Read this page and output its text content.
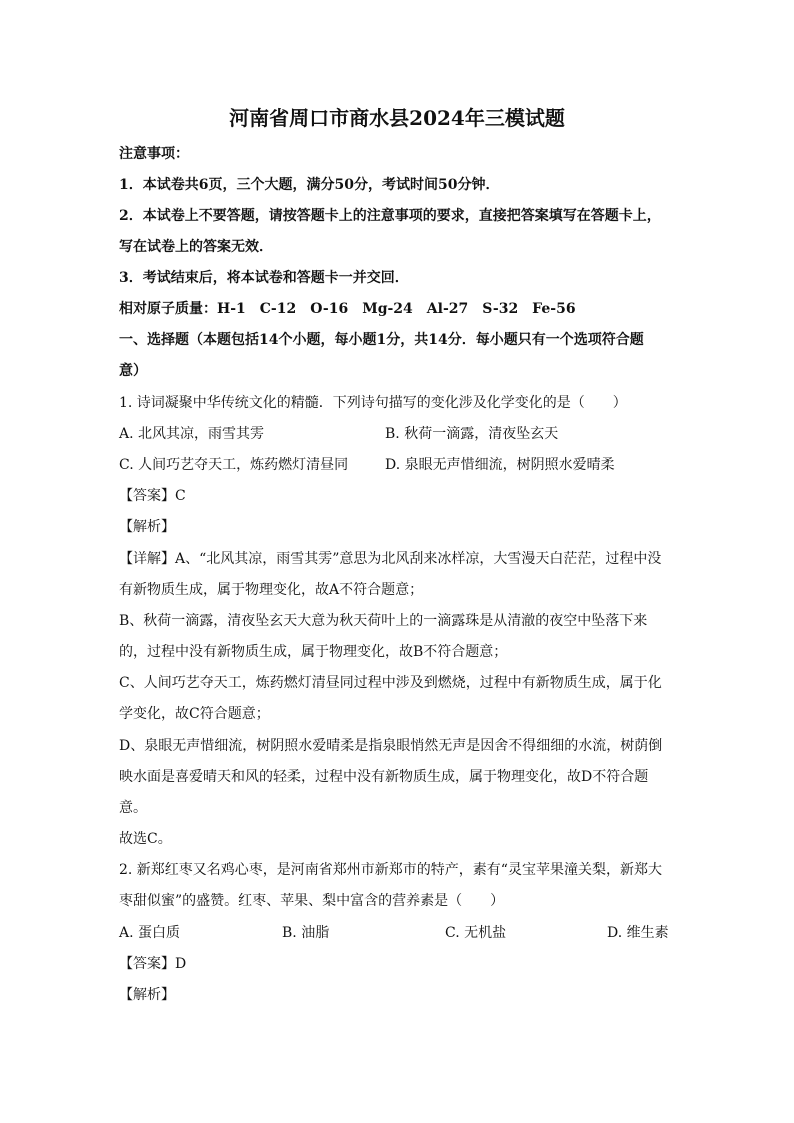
河南省周口市商水县2024年三模试题
注意事项：
1．本试卷共6页，三个大题，满分50分，考试时间50分钟．
2．本试卷上不要答题，请按答题卡上的注意事项的要求，直接把答案填写在答题卡上，
写在试卷上的答案无效．
3．考试结束后，将本试卷和答题卡一并交回．
相对原子质量：H-1　C-12　O-16　Mg-24　Al-27　S-32　Fe-56
一、选择题（本题包括14个小题，每小题1分，共14分．每小题只有一个选项符合题
意）
1. 诗词凝聚中华传统文化的精髓．下列诗句描写的变化涉及化学变化的是（　　）
A. 北风其凉，雨雪其雱	B. 秋荷一滴露，清夜坠玄天
C. 人间巧艺夺天工，炼药燃灯清昼同	D. 泉眼无声惜细流，树阴照水爱晴柔
【答案】C
【解析】
【详解】A、“北风其凉，雨雪其雱”意思为北风刮来冰样凉，大雪漫天白茫茫，过程中没
有新物质生成，属于物理变化，故A不符合题意；
B、秋荷一滴露，清夜坠玄天大意为秋天荷叶上的一滴露珠是从清澈的夜空中坠落下来
的，过程中没有新物质生成，属于物理变化，故B不符合题意；
C、人间巧艺夺天工，炼药燃灯清昼同过程中涉及到燃烧，过程中有新物质生成，属于化
学变化，故C符合题意；
D、泉眼无声惜细流，树阴照水爱晴柔是指泉眼悄然无声是因舍不得细细的水流，树荫倒
映水面是喜爱晴天和风的轻柔，过程中没有新物质生成，属于物理变化，故D不符合题
意。
故选C。
2. 新郑红枣又名鸡心枣，是河南省郑州市新郑市的特产，素有“灵宝苹果潼关梨，新郑大
枣甜似蜜”的盛赞。红枣、苹果、梨中富含的营养素是（　　）
A. 蛋白质	B. 油脂	C. 无机盐	D. 维生素
【答案】D
【解析】
